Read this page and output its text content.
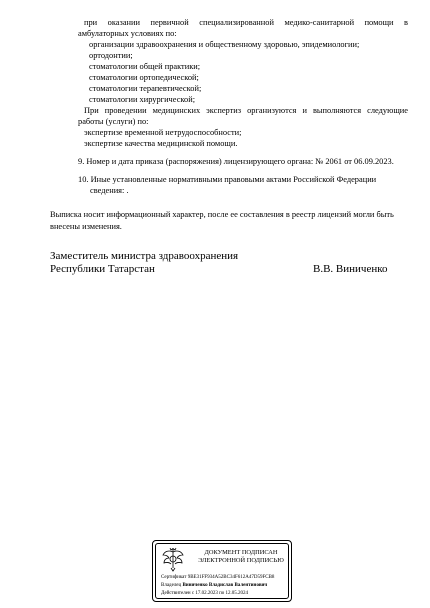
при оказании первичной специализированной медико-санитарной помощи в
амбулаторных условиях по:
организации здравоохранения и общественному здоровью, эпидемиологии;
ортодонтии;
стоматологии общей практики;
стоматологии ортопедической;
стоматологии терапевтической;
стоматологии хирургической;
При проведении медицинских экспертиз организуются и выполняются следующие
работы (услуги) по:
экспертизе временной нетрудоспособности;
экспертизе качества медицинской помощи.
9. Номер и дата приказа (распоряжения) лицензирующего органа: № 2061 от 06.09.2023.
10. Иные установленные нормативными правовыми актами Российской Федерации
сведения: .
Выписка носит информационный характер, после ее составления в реестр лицензий могли быть внесены изменения.
Заместитель министра здравоохранения
Республики Татарстан	В.В. Виниченко
ДОКУМЕНТ ПОДПИСАН
ЭЛЕКТРОННОЙ ПОДПИСЬЮ
Сертификат 9BE31FF934A52BC34F612A47D59FCB8
Владелец Виниченко Владислав Валентинович
Действителен с 17.02.2023 по 12.05.2024
